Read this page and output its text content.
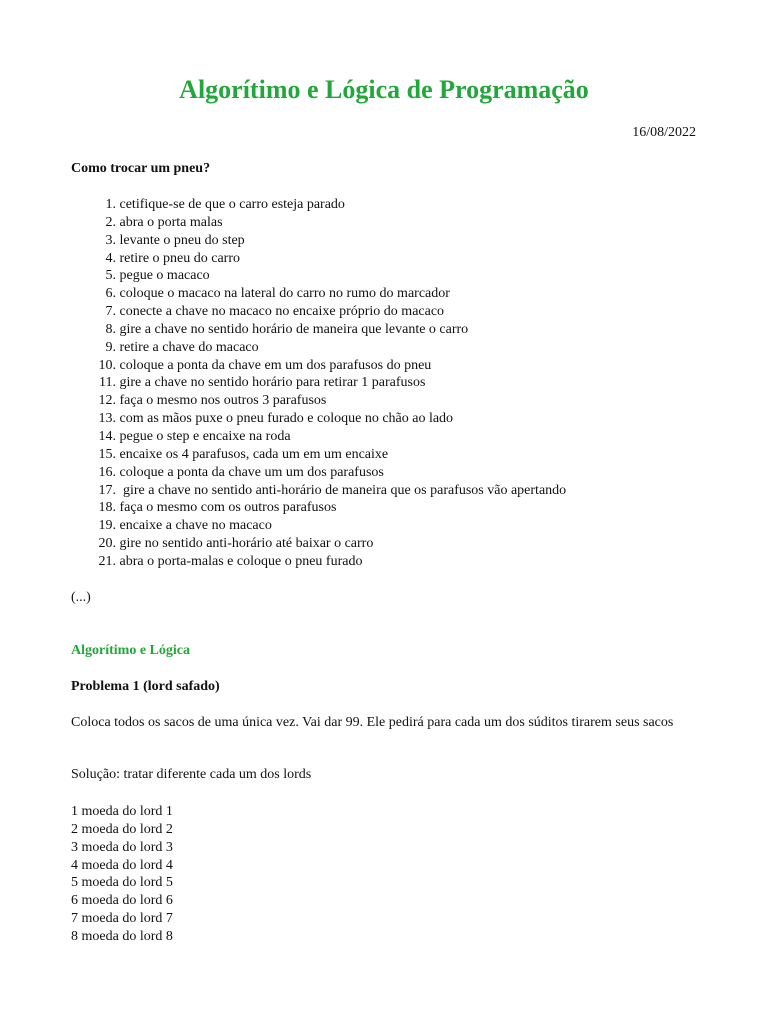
Algorítimo e Lógica de Programação
16/08/2022

Como trocar um pneu?

1. cetifique-se de que o carro esteja parado
2. abra o porta malas
3. levante o pneu do step
4. retire o pneu do carro
5. pegue o macaco
6. coloque o macaco na lateral do carro no rumo do marcador
7. conecte a chave no macaco no encaixe próprio do macaco
8. gire a chave no sentido horário de maneira que levante o carro
9. retire a chave do macaco
10. coloque a ponta da chave em um dos parafusos do pneu
11. gire a chave no sentido horário para retirar 1 parafusos
12. faça o mesmo nos outros 3 parafusos
13. com as mãos puxe o pneu furado e coloque no chão ao lado
14. pegue o step e encaixe na roda
15. encaixe os 4 parafusos, cada um em um encaixe
16. coloque a ponta da chave um um dos parafusos
17.  gire a chave no sentido anti-horário de maneira que os parafusos vão apertando
18. faça o mesmo com os outros parafusos
19. encaixe a chave no macaco
20. gire no sentido anti-horário até baixar o carro
21. abra o porta-malas e coloque o pneu furado
(...)

Algorítimo e Lógica

Problema 1 (lord safado)

Coloca todos os sacos de uma única vez. Vai dar 99. Ele pedirá para cada um dos súditos tirarem seus sacos

Solução: tratar diferente cada um dos lords

1 moeda do lord 1
2 moeda do lord 2
3 moeda do lord 3
4 moeda do lord 4
5 moeda do lord 5
6 moeda do lord 6
7 moeda do lord 7
8 moeda do lord 8
